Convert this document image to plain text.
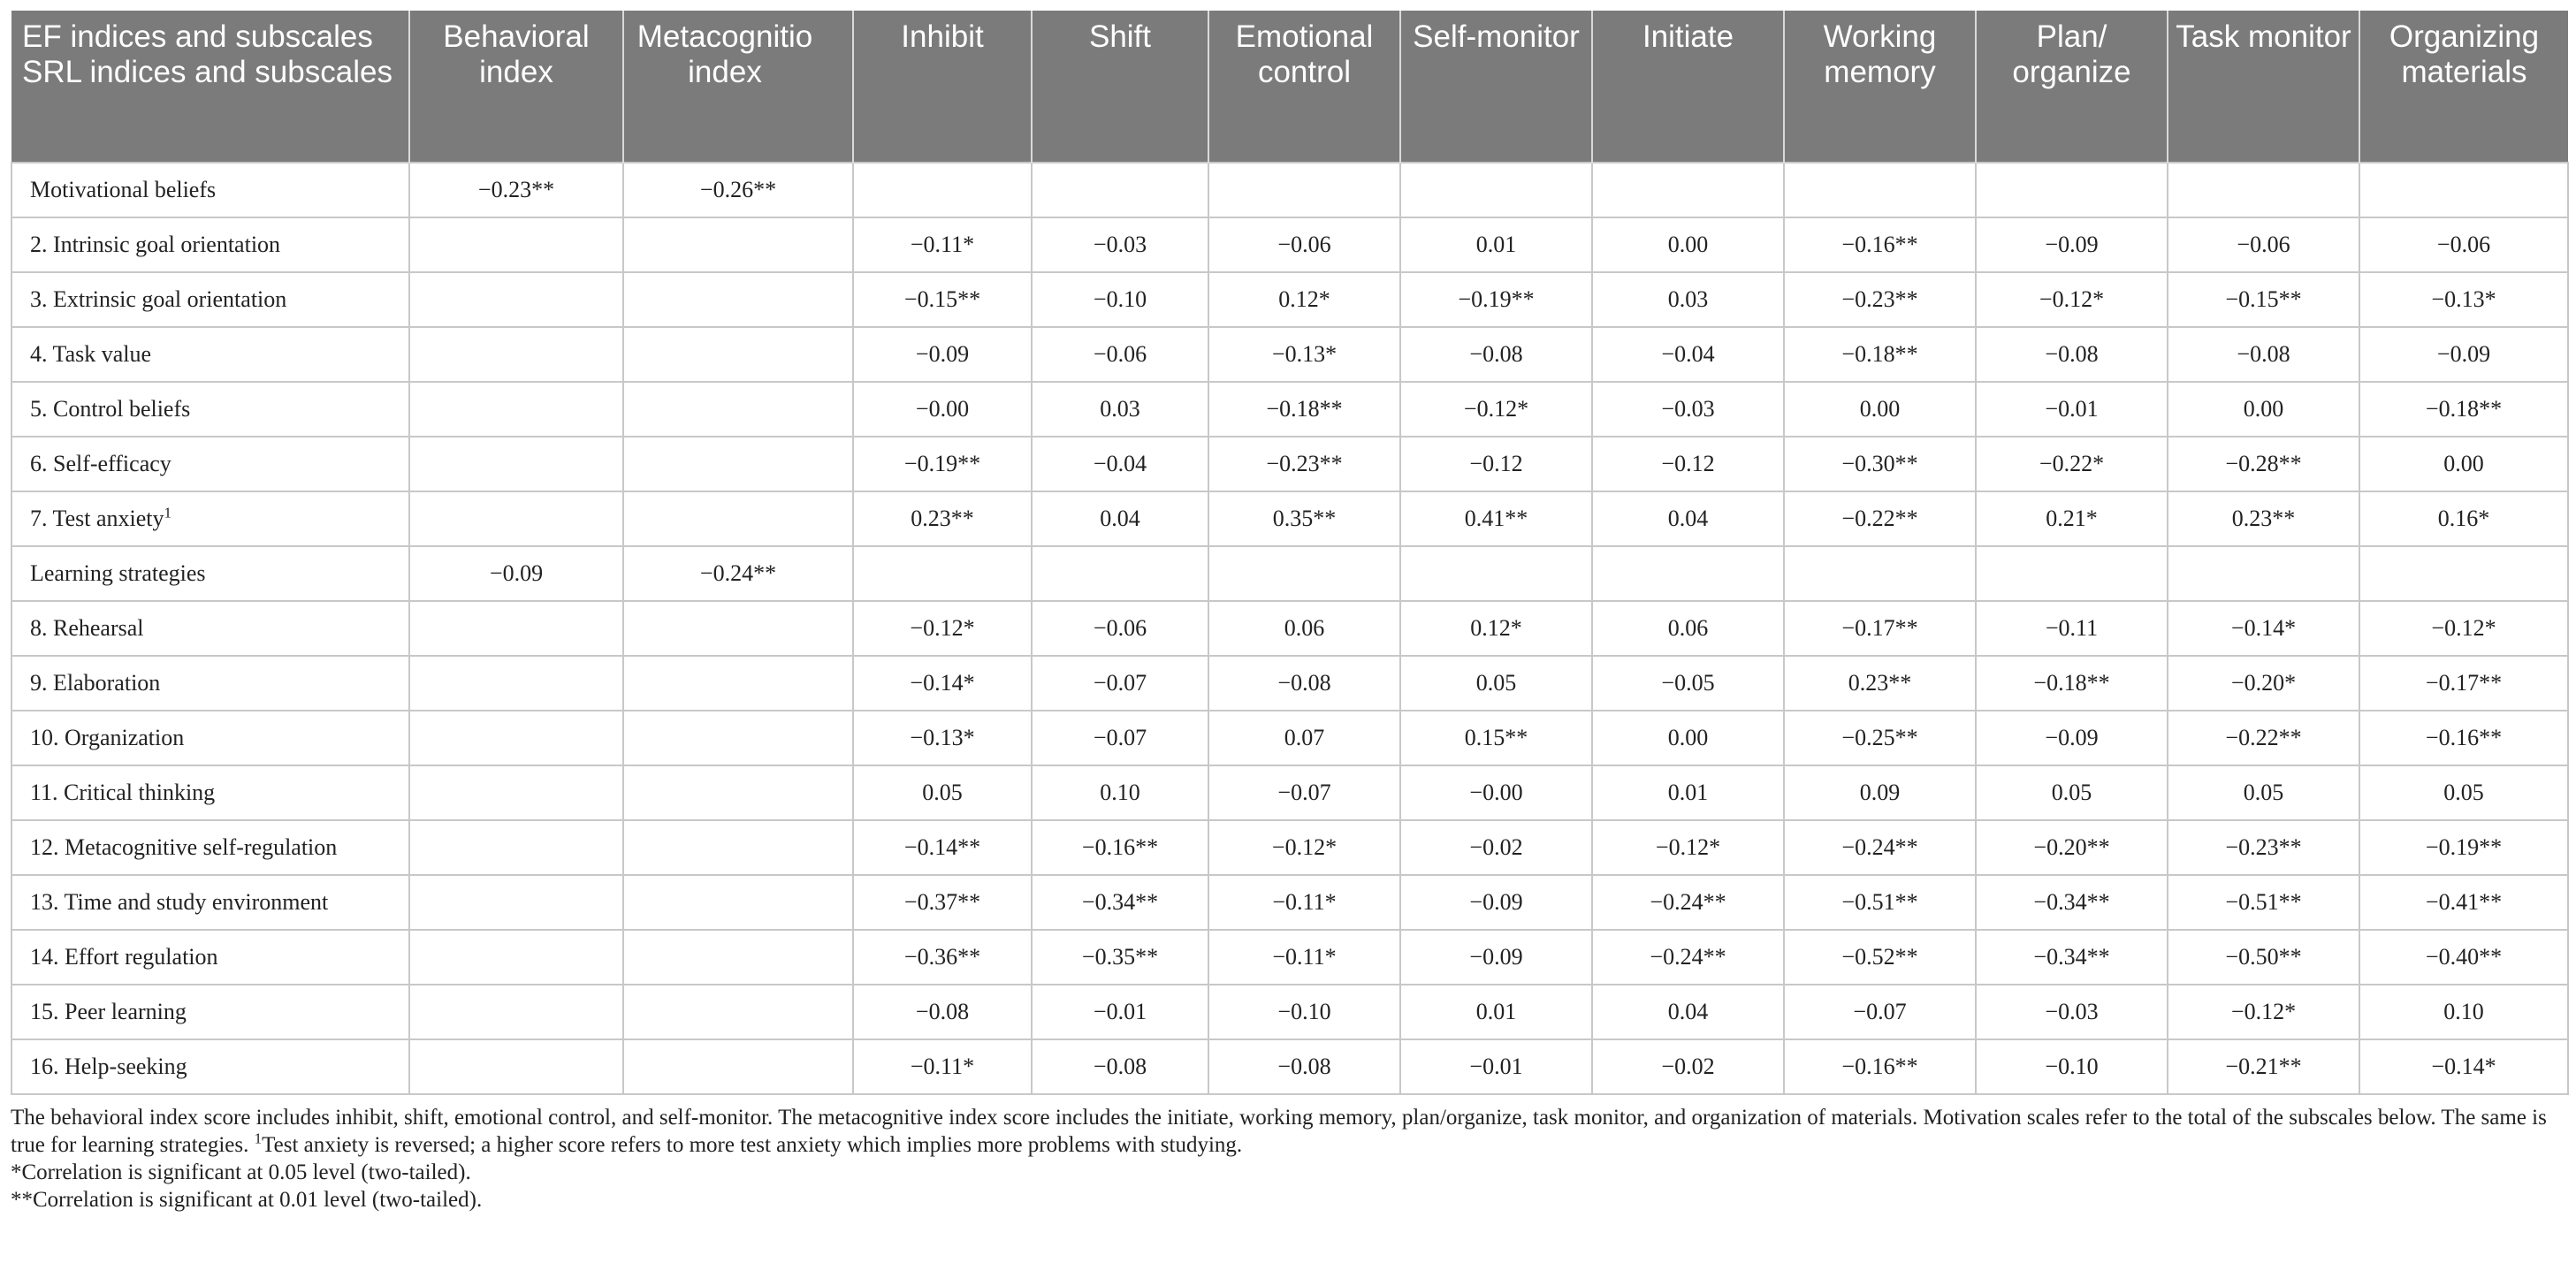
EF indices and subscales SRL indices and subscales	Behavioral index	Metacognitio index	Inhibit	Shift	Emotional control	Self-monitor	Initiate	Working memory	Plan/ organize	Task monitor	Organizing materials
Motivational beliefs	−0.23**	−0.26**									
2. Intrinsic goal orientation			−0.11*	−0.03	−0.06	0.01	0.00	−0.16**	−0.09	−0.06	−0.06
3. Extrinsic goal orientation			−0.15**	−0.10	0.12*	−0.19**	0.03	−0.23**	−0.12*	−0.15**	−0.13*
4. Task value			−0.09	−0.06	−0.13*	−0.08	−0.04	−0.18**	−0.08	−0.08	−0.09
5. Control beliefs			−0.00	0.03	−0.18**	−0.12*	−0.03	0.00	−0.01	0.00	−0.18**
6. Self-efficacy			−0.19**	−0.04	−0.23**	−0.12	−0.12	−0.30**	−0.22*	−0.28**	0.00
7. Test anxiety$^1$			0.23**	0.04	0.35**	0.41**	0.04	−0.22**	0.21*	0.23**	0.16*
Learning strategies	−0.09	−0.24**									
8. Rehearsal			−0.12*	−0.06	0.06	0.12*	0.06	−0.17**	−0.11	−0.14*	−0.12*
9. Elaboration			−0.14*	−0.07	−0.08	0.05	−0.05	0.23**	−0.18**	−0.20*	−0.17**
10. Organization			−0.13*	−0.07	0.07	0.15**	0.00	−0.25**	−0.09	−0.22**	−0.16**
11. Critical thinking			0.05	0.10	−0.07	−0.00	0.01	0.09	0.05	0.05	0.05
12. Metacognitive self-regulation			−0.14**	−0.16**	−0.12*	−0.02	−0.12*	−0.24**	−0.20**	−0.23**	−0.19**
13. Time and study environment			−0.37**	−0.34**	−0.11*	−0.09	−0.24**	−0.51**	−0.34**	−0.51**	−0.41**
14. Effort regulation			−0.36**	−0.35**	−0.11*	−0.09	−0.24**	−0.52**	−0.34**	−0.50**	−0.40**
15. Peer learning			−0.08	−0.01	−0.10	0.01	0.04	−0.07	−0.03	−0.12*	0.10
16. Help-seeking			−0.11*	−0.08	−0.08	−0.01	−0.02	−0.16**	−0.10	−0.21**	−0.14*

The behavioral index score includes inhibit, shift, emotional control, and self-monitor. The metacognitive index score includes the initiate, working memory, plan/organize, task monitor, and organization of materials. Motivation scales refer to the total of the subscales below. The same is true for learning strategies. $^1$Test anxiety is reversed; a higher score refers to more test anxiety which implies more problems with studying.

*Correlation is significant at 0.05 level (two-tailed).

**Correlation is significant at 0.01 level (two-tailed).
